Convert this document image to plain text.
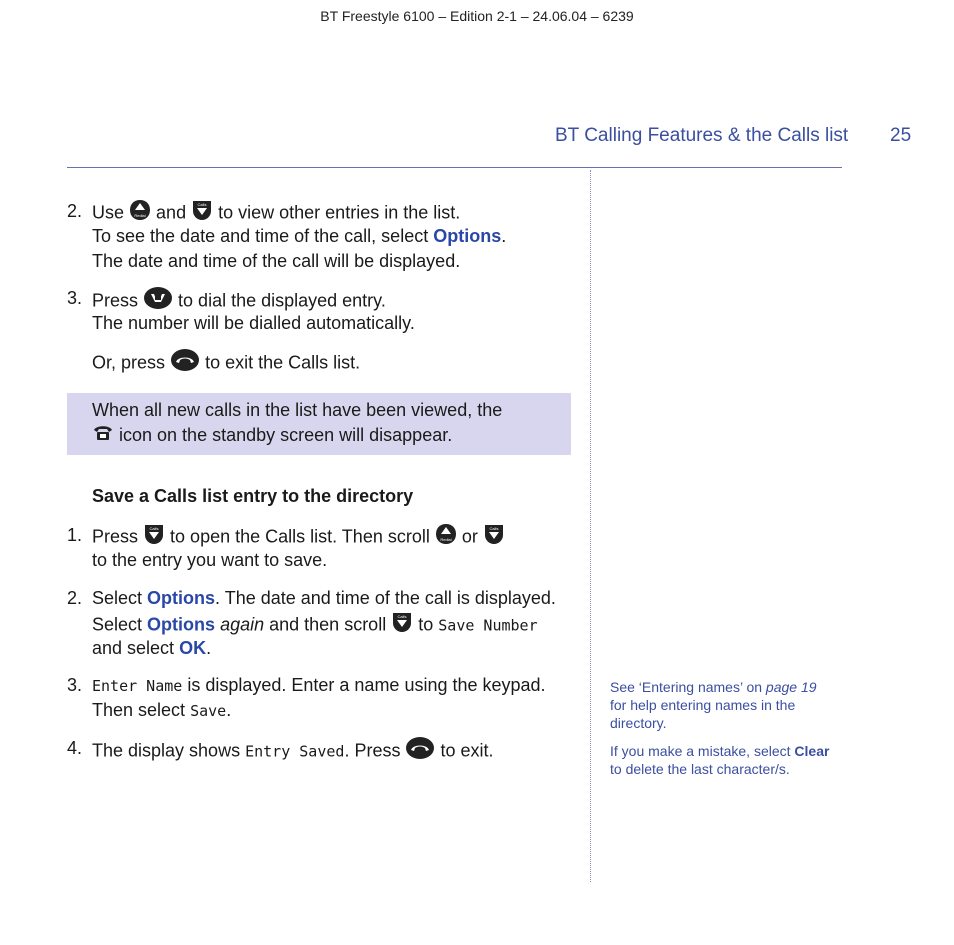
BT Freestyle 6100 – Edition 2-1 – 24.06.04 – 6239
BT Calling Features & the Calls list 25
2. Use	Redial and	Calls to view other entries in the list.
To see the date and time of the call, select Options.
The date and time of the call will be displayed.
3. Press to dial the displayed entry.
The number will be dialled automatically.
Or, press to exit the Calls list.
When all new calls in the list have been viewed, the
icon on the standby screen will disappear.
Save a Calls list entry to the directory
1. Press	Calls to open the Calls list. Then scroll	Redial or	Calls
to the entry you want to save.
2. Select Options. The date and time of the call is displayed.
Select Options again and then scroll	Calls to Save Number
and select OK.
3. Enter Name is displayed. Enter a name using the keypad.
Then select Save.
4. The display shows Entry Saved. Press to exit.
See ‘Entering names’ on page 19
for help entering names in the
directory.
If you make a mistake, select Clear
to delete the last character/s.
